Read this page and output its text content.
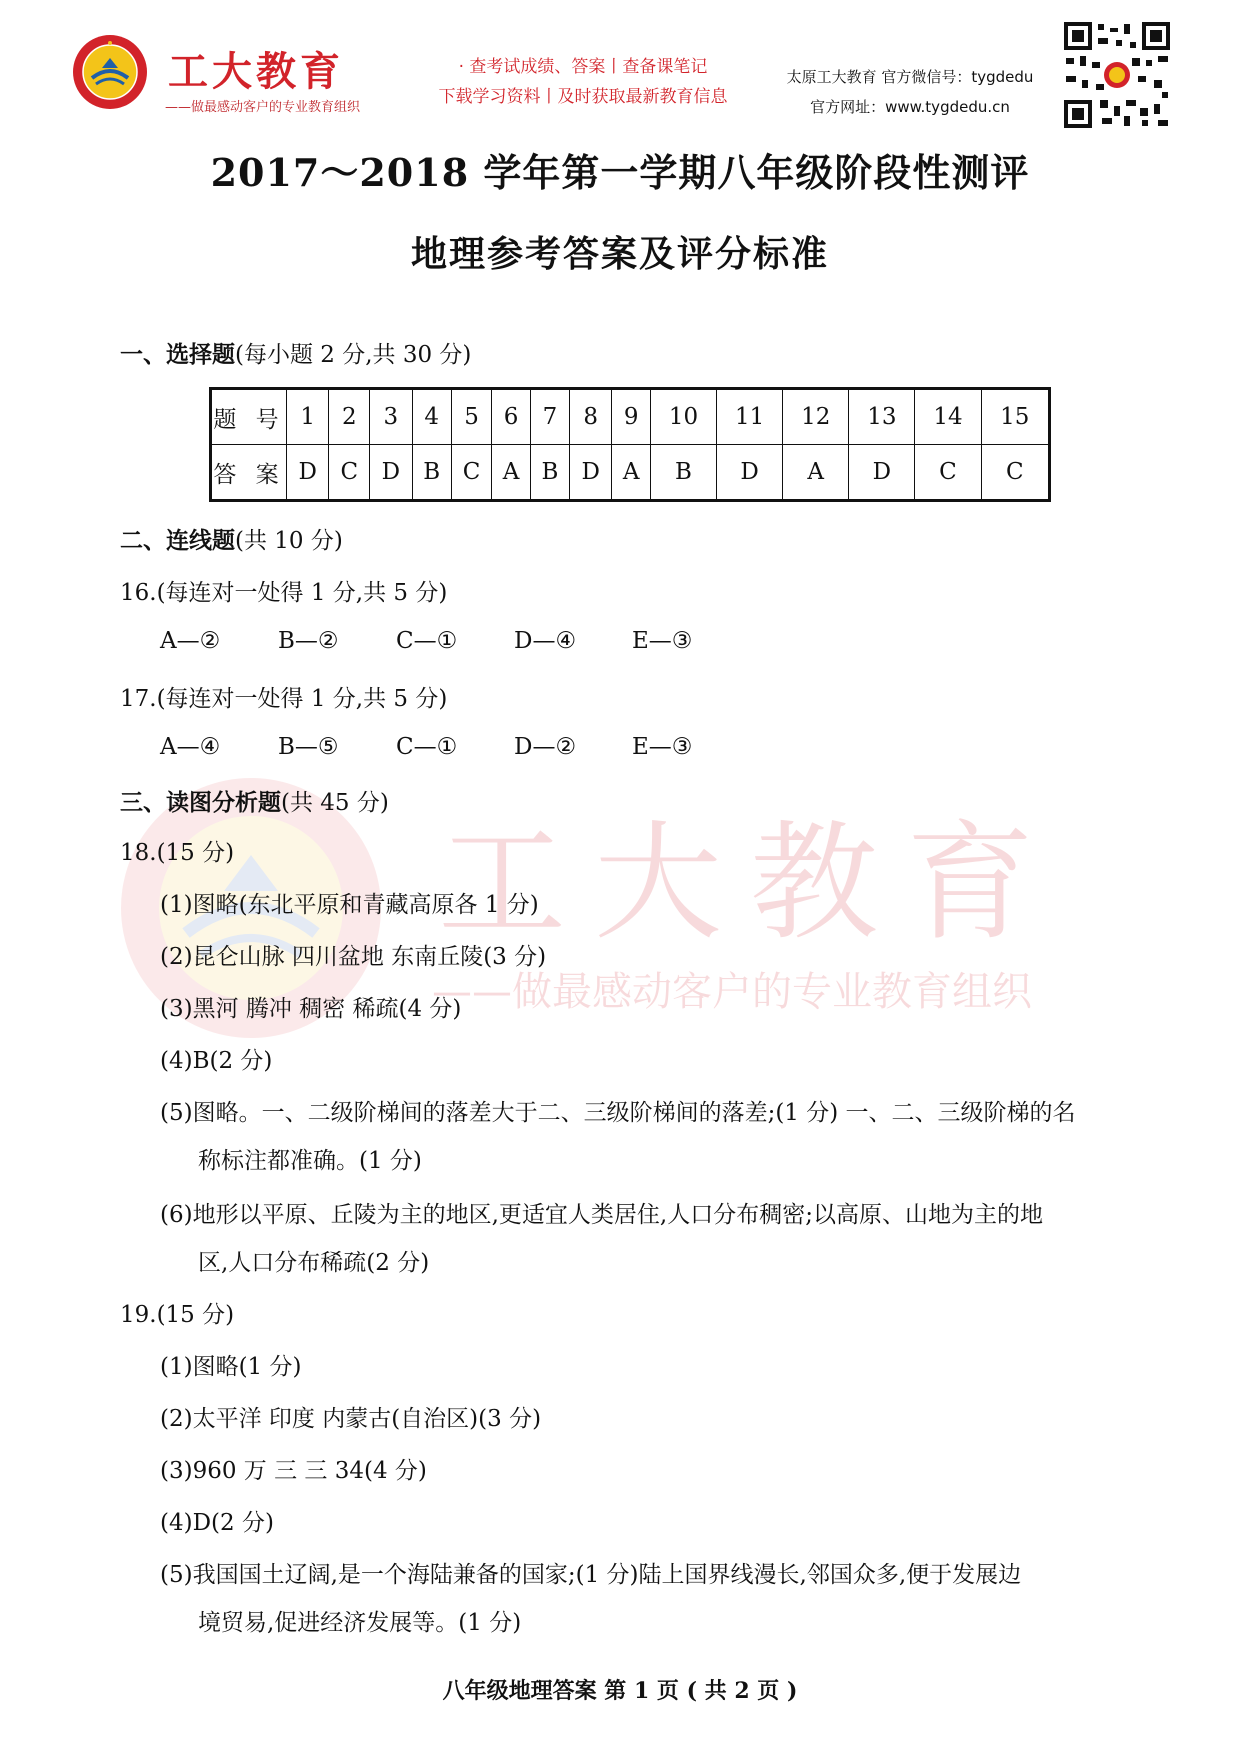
工大教育
——做最感动客户的专业教育组织
· 查考试成绩、答案丨查备课笔记
下载学习资料丨及时获取最新教育信息
太原工大教育 官方微信号：tygdedu
官方网址：www.tygdedu.cn
工大教育
——做最感动客户的专业教育组织
2017～2018 学年第一学期八年级阶段性测评
地理参考答案及评分标准
一、选择题(每小题 2 分,共 30 分)
题 号	1	2	3	4	5	6	7	8	9	10	11	12	13	14	15
答 案	D	C	D	B	C	A	B	D	A	B	D	A	D	C	C
二、连线题(共 10 分)
16.(每连对一处得 1 分,共 5 分)
A—②	B—② C—① D—④ E—③
17.(每连对一处得 1 分,共 5 分)
A—④	B—⑤ C—① D—② E—③
三、读图分析题(共 45 分)
18.(15 分)
(1)图略(东北平原和青藏高原各 1 分)
(2)昆仑山脉 四川盆地 东南丘陵(3 分)
(3)黑河 腾冲 稠密 稀疏(4 分)
(4)B(2 分)
(5)图略。一、二级阶梯间的落差大于二、三级阶梯间的落差;(1 分) 一、二、三级阶梯的名
称标注都准确。(1 分)
(6)地形以平原、丘陵为主的地区,更适宜人类居住,人口分布稠密;以高原、山地为主的地
区,人口分布稀疏(2 分)
19.(15 分)
(1)图略(1 分)
(2)太平洋 印度 内蒙古(自治区)(3 分)
(3)960 万 三 三 34(4 分)
(4)D(2 分)
(5)我国国土辽阔,是一个海陆兼备的国家;(1 分)陆上国界线漫长,邻国众多,便于发展边
境贸易,促进经济发展等。(1 分)
八年级地理答案 第 1 页 ( 共 2 页 )
